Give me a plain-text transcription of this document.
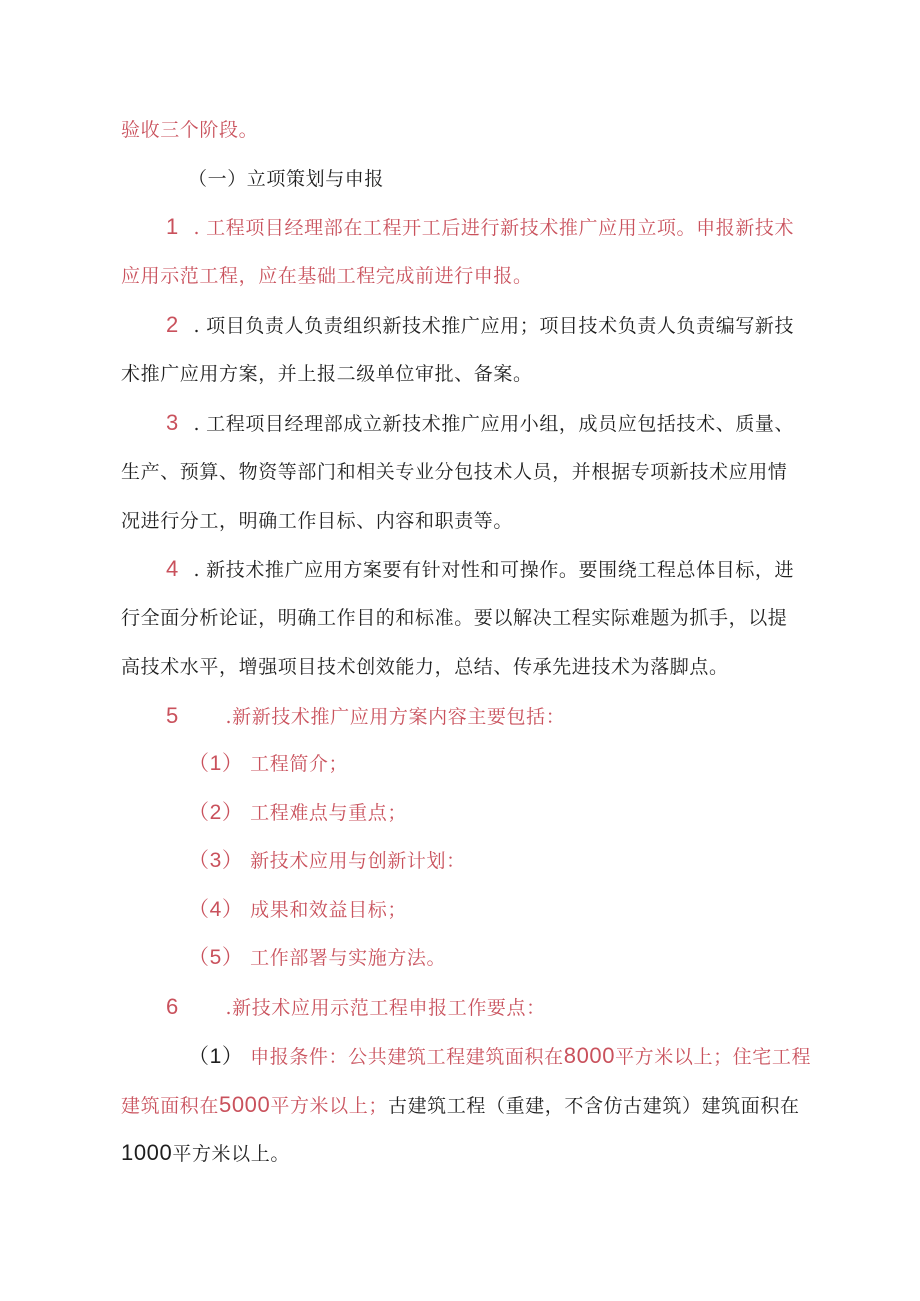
验收三个阶段。
（一）立项策划与申报
1 . 工程项目经理部在工程开工后进行新技术推广应用立项。申报新技术
应用示范工程，应在基础工程完成前进行申报。
2 . 项目负责人负责组织新技术推广应用；项目技术负责人负责编写新技
术推广应用方案，并上报二级单位审批、备案。
3 . 工程项目经理部成立新技术推广应用小组，成员应包括技术、质量、
生产、预算、物资等部门和相关专业分包技术人员，并根据专项新技术应用情
况进行分工，明确工作目标、内容和职责等。
4 . 新技术推广应用方案要有针对性和可操作。要围绕工程总体目标，进
行全面分析论证，明确工作目的和标准。要以解决工程实际难题为抓手，以提
高技术水平，增强项目技术创效能力，总结、传承先进技术为落脚点。
5 .新新技术推广应用方案内容主要包括：
（1） 工程简介；
（2） 工程难点与重点；
（3） 新技术应用与创新计划：
（4） 成果和效益目标；
（5） 工作部署与实施方法。
6 .新技术应用示范工程申报工作要点：
（1） 申报条件：公共建筑工程建筑面积在8000平方米以上；住宅工程
建筑面积在5000平方米以上；古建筑工程（重建，不含仿古建筑）建筑面积在
1000平方米以上。
